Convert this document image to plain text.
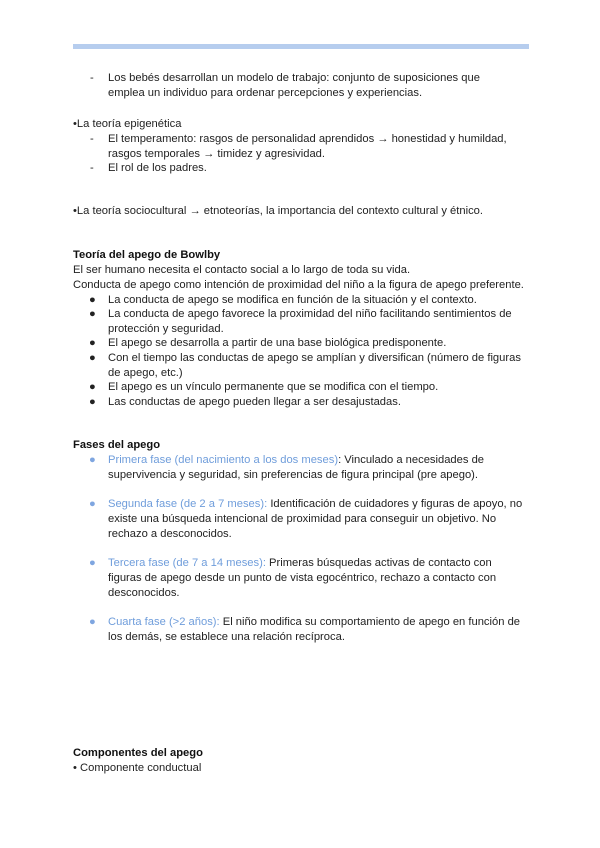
- Los bebés desarrollan un modelo de trabajo: conjunto de suposiciones que emplea un individuo para ordenar percepciones y experiencias.
•La teoría epigenética
- El temperamento: rasgos de personalidad aprendidos → honestidad y humildad, rasgos temporales → timidez y agresividad.
- El rol de los padres.
•La teoría sociocultural → etnoteorías, la importancia del contexto cultural y étnico.
Teoría del apego de Bowlby
El ser humano necesita el contacto social a lo largo de toda su vida.
Conducta de apego como intención de proximidad del niño a la figura de apego preferente.
● La conducta de apego se modifica en función de la situación y el contexto.
● La conducta de apego favorece la proximidad del niño facilitando sentimientos de protección y seguridad.
● El apego se desarrolla a partir de una base biológica predisponente.
● Con el tiempo las conductas de apego se amplían y diversifican (número de figuras de apego, etc.)
● El apego es un vínculo permanente que se modifica con el tiempo.
● Las conductas de apego pueden llegar a ser desajustadas.
Fases del apego
● Primera fase (del nacimiento a los dos meses): Vinculado a necesidades de supervivencia y seguridad, sin preferencias de figura principal (pre apego).
● Segunda fase (de 2 a 7 meses): Identificación de cuidadores y figuras de apoyo, no existe una búsqueda intencional de proximidad para conseguir un objetivo. No rechazo a desconocidos.
● Tercera fase (de 7 a 14 meses): Primeras búsquedas activas de contacto con figuras de apego desde un punto de vista egocéntrico, rechazo a contacto con desconocidos.
● Cuarta fase (>2 años): El niño modifica su comportamiento de apego en función de los demás, se establece una relación recíproca.
Componentes del apego
• Componente conductual
